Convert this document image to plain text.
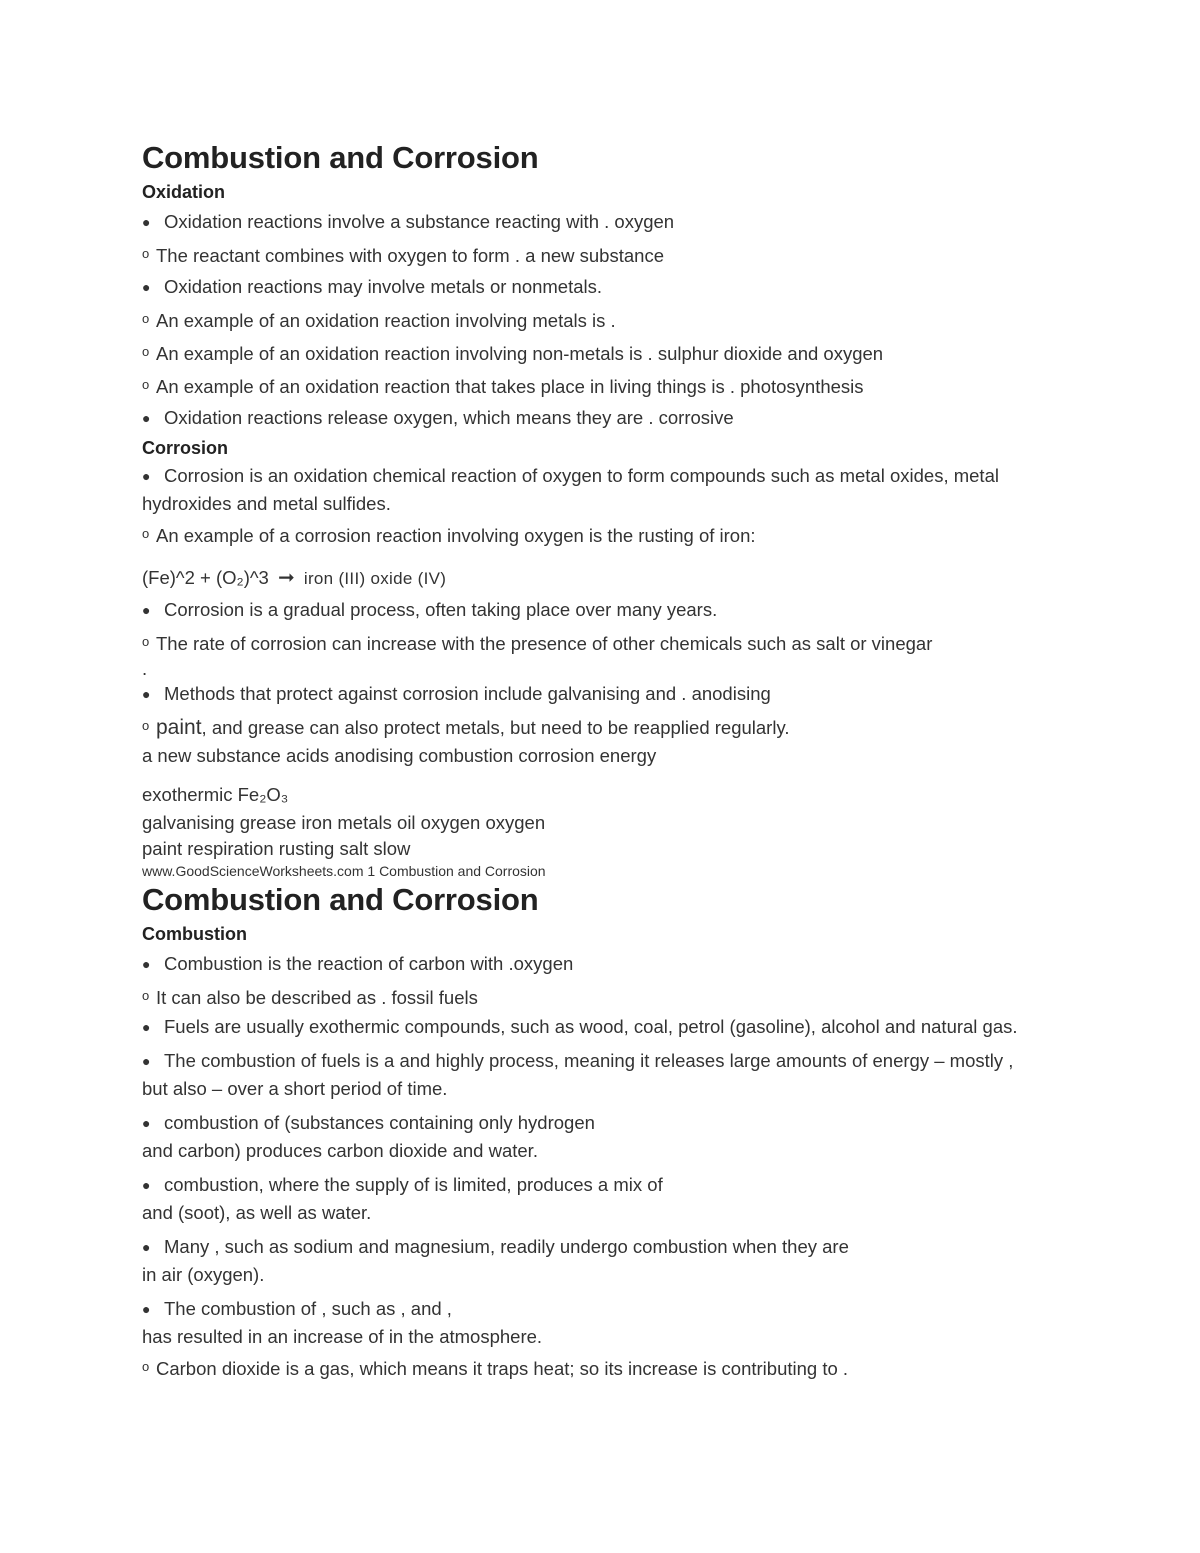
Combustion and Corrosion
Oxidation
● Oxidation reactions involve a substance reacting with . oxygen
o The reactant combines with oxygen to form . a new substance
● Oxidation reactions may involve metals or nonmetals.
o An example of an oxidation reaction involving metals is .
o An example of an oxidation reaction involving non-metals is . sulphur dioxide and oxygen
o An example of an oxidation reaction that takes place in living things is . photosynthesis
● Oxidation reactions release oxygen, which means they are . corrosive
Corrosion
● Corrosion is an oxidation chemical reaction of oxygen to form compounds such as metal oxides, metal hydroxides and metal sulfides.
o An example of a corrosion reaction involving oxygen is the rusting of iron:
(Fe)^2 + (O₂)^3 ➞ iron (III) oxide (IV)
● Corrosion is a gradual process, often taking place over many years.
o The rate of corrosion can increase with the presence of other chemicals such as salt or vinegar
.
● Methods that protect against corrosion include galvanising and . anodising
o paint, and grease can also protect metals, but need to be reapplied regularly.
a new substance acids anodising combustion corrosion energy
exothermic Fe₂O₃
galvanising grease iron metals oil oxygen oxygen
paint respiration rusting salt slow
www.GoodScienceWorksheets.com 1 Combustion and Corrosion
Combustion and Corrosion
Combustion
● Combustion is the reaction of carbon with .oxygen
o It can also be described as . fossil fuels
● Fuels are usually exothermic compounds, such as wood, coal, petrol (gasoline), alcohol and natural gas.
● The combustion of fuels is a and highly process, meaning it releases large amounts of energy – mostly , but also – over a short period of time.
● combustion of (substances containing only hydrogen
and carbon) produces carbon dioxide and water.
● combustion, where the supply of is limited, produces a mix of
and (soot), as well as water.
● Many , such as sodium and magnesium, readily undergo combustion when they are
in air (oxygen).
● The combustion of , such as , and ,
has resulted in an increase of in the atmosphere.
o Carbon dioxide is a gas, which means it traps heat; so its increase is contributing to .
